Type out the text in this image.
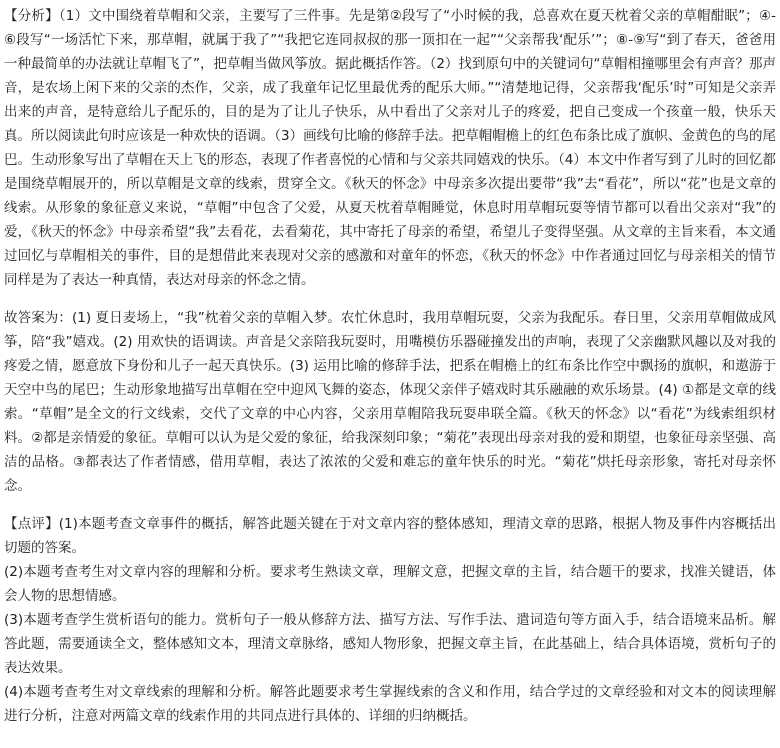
【分析】（1）文中围绕着草帽和父亲，主要写了三件事。先是第②段写了“小时候的我，总喜欢在夏天枕着父亲的草帽酣眠”；④-⑥段写“一场活忙下来，那草帽，就属于我了”“我把它连同叔叔的那一顶扣在一起”“父亲帮我‘配乐’”；⑧-⑨写“到了春天，爸爸用一种最简单的办法就让草帽飞了”，把草帽当做风筝放。据此概括作答。（2）找到原句中的关键词句“草帽相撞哪里会有声音？那声音，是农场上闲下来的父亲的杰作，父亲，成了我童年记忆里最优秀的配乐大师。”“清楚地记得，父亲帮我‘配乐’时”可知是父亲弄出来的声音，是特意给儿子配乐的，目的是为了让儿子快乐，从中看出了父亲对儿子的疼爱，把自己变成一个孩童一般，快乐天真。所以阅读此句时应该是一种欢快的语调。（3）画线句比喻的修辞手法。把草帽帽檐上的红色布条比成了旗帜、金黄色的鸟的尾巴。生动形象写出了草帽在天上飞的形态，表现了作者喜悦的心情和与父亲共同嬉戏的快乐。（4）本文中作者写到了儿时的回忆都是围绕草帽展开的，所以草帽是文章的线索，贯穿全文。《秋天的怀念》中母亲多次提出要带“我”去“看花”，所以“花”也是文章的线索。从形象的象征意义来说，“草帽”中包含了父爱，从夏天枕着草帽睡觉，休息时用草帽玩耍等情节都可以看出父亲对“我”的爱，《秋天的怀念》中母亲希望“我”去看花，去看菊花，其中寄托了母亲的希望，希望儿子变得坚强。从文章的主旨来看，本文通过回忆与草帽相关的事件，目的是想借此来表现对父亲的感激和对童年的怀恋，《秋天的怀念》中作者通过回忆与母亲相关的情节同样是为了表达一种真情，表达对母亲的怀念之情。

故答案为：(1) 夏日麦场上，“我”枕着父亲的草帽入梦。农忙休息时，我用草帽玩耍，父亲为我配乐。春日里，父亲用草帽做成风筝，陪“我”嬉戏。(2) 用欢快的语调读。声音是父亲陪我玩耍时，用嘴模仿乐器碰撞发出的声响，表现了父亲幽默风趣以及对我的疼爱之情，愿意放下身份和儿子一起天真快乐。(3) 运用比喻的修辞手法，把系在帽檐上的红布条比作空中飘扬的旗帜，和遨游于天空中鸟的尾巴；生动形象地描写出草帽在空中迎风飞舞的姿态，体现父亲伴子嬉戏时其乐融融的欢乐场景。(4) ①都是文章的线索。“草帽”是全文的行文线索，交代了文章的中心内容，父亲用草帽陪我玩耍串联全篇。《秋天的怀念》以“看花”为线索组织材料。②都是亲情爱的象征。草帽可以认为是父爱的象征，给我深刻印象；“菊花”表现出母亲对我的爱和期望，也象征母亲坚强、高洁的品格。③都表达了作者情感，借用草帽，表达了浓浓的父爱和难忘的童年快乐的时光。“菊花”烘托母亲形象，寄托对母亲怀念。

【点评】(1)本题考查文章事件的概括，解答此题关键在于对文章内容的整体感知，理清文章的思路，根据人物及事件内容概括出切题的答案。
(2)本题考查考生对文章内容的理解和分析。要求考生熟读文章，理解文意，把握文章的主旨，结合题干的要求，找准关键语，体会人物的思想情感。
(3)本题考查学生赏析语句的能力。赏析句子一般从修辞方法、描写方法、写作手法、遣词造句等方面入手，结合语境来品析。解答此题，需要通读全文，整体感知文本，理清文章脉络，感知人物形象，把握文章主旨，在此基础上，结合具体语境，赏析句子的表达效果。
(4)本题考查考生对文章线索的理解和分析。解答此题要求考生掌握线索的含义和作用，结合学过的文章经验和对文本的阅读理解进行分析，注意对两篇文章的线索作用的共同点进行具体的、详细的归纳概括。
